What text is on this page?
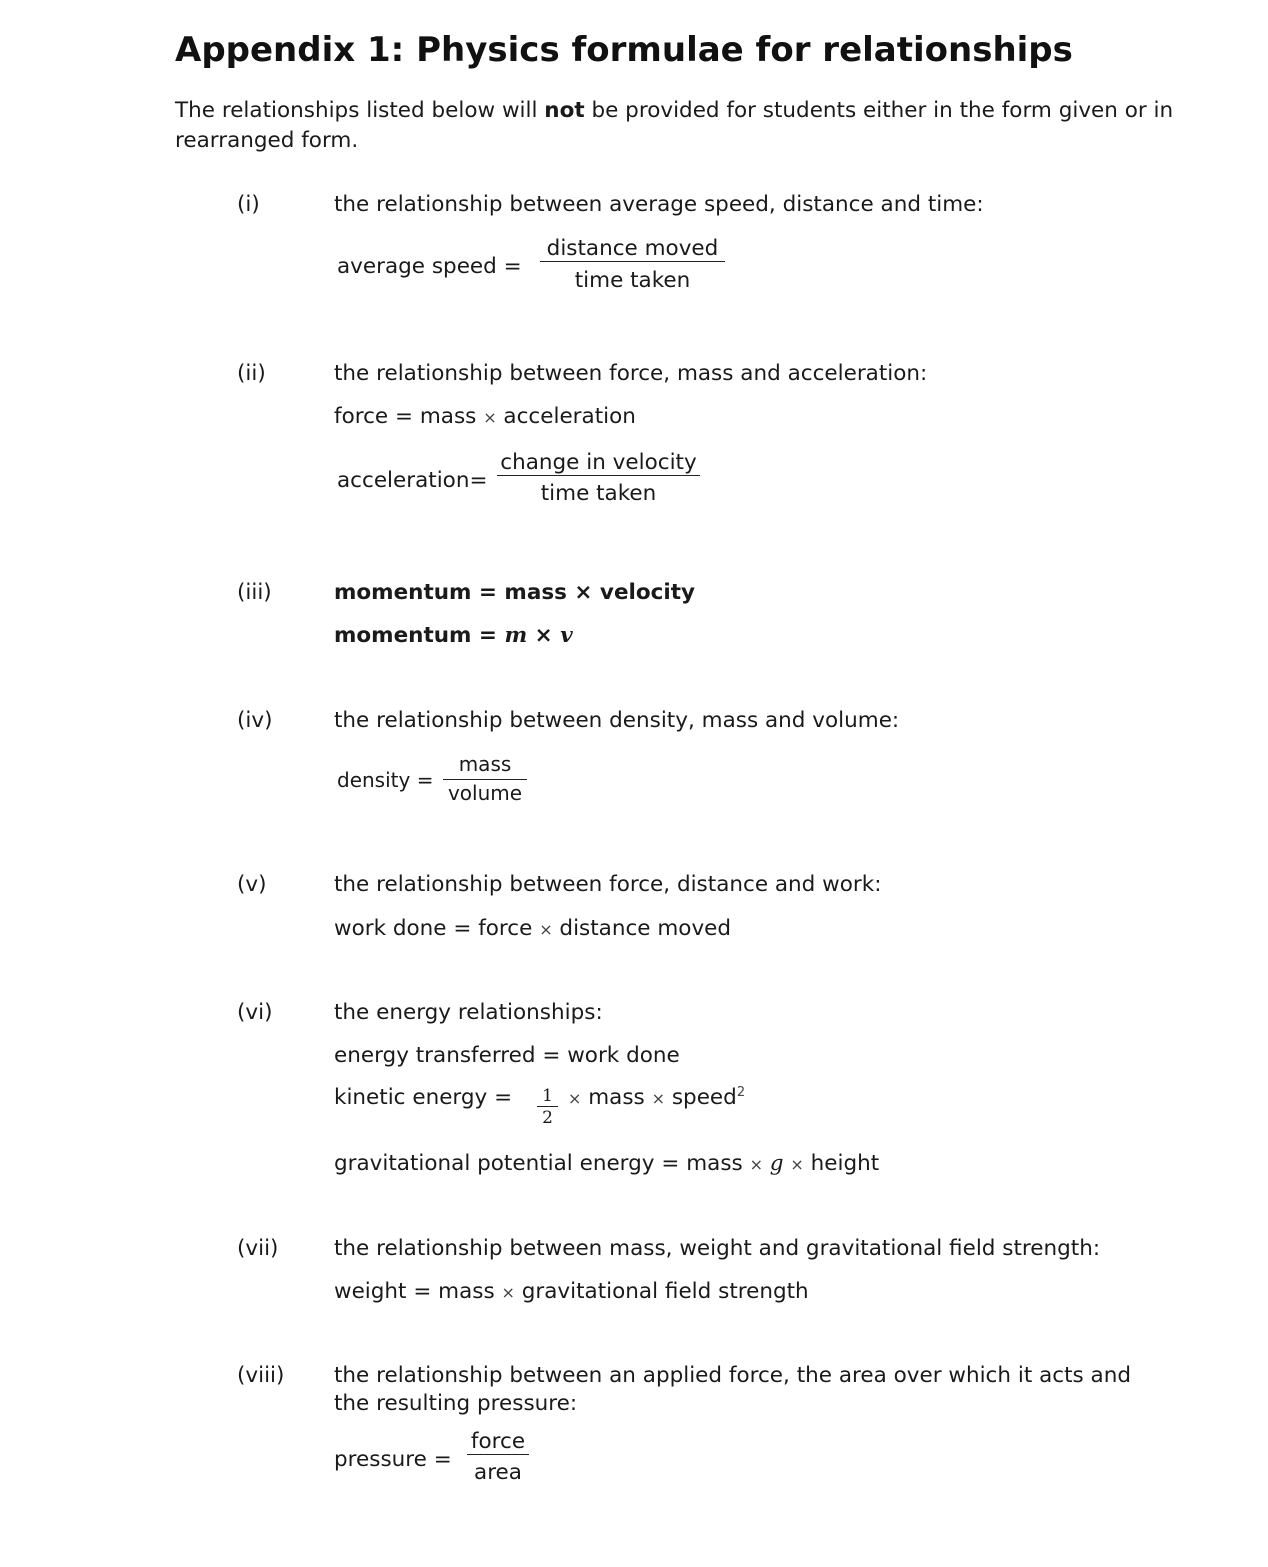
Appendix 1: Physics formulae for relationships
The relationships listed below will not be provided for students either in the form given or in rearranged form.
(i)	the relationship between average speed, distance and time:
average speed =
distance moved
time taken
(ii)	the relationship between force, mass and acceleration:
force = mass × acceleration
acceleration=
change in velocity
time taken
(iii)	momentum = mass × velocity
momentum = m × v
(iv)	the relationship between density, mass and volume:
density =
mass
volume
(v)	the relationship between force, distance and work:
work done = force × distance moved
(vi)	the energy relationships:
energy transferred = work done
kinetic energy = 1
2
× mass × speed$^2$
gravitational potential energy = mass × g × height
(vii)	the relationship between mass, weight and gravitational field strength:
weight = mass × gravitational field strength
(viii) the relationship between an applied force, the area over which it acts and
the resulting pressure:
pressure =
force
area
